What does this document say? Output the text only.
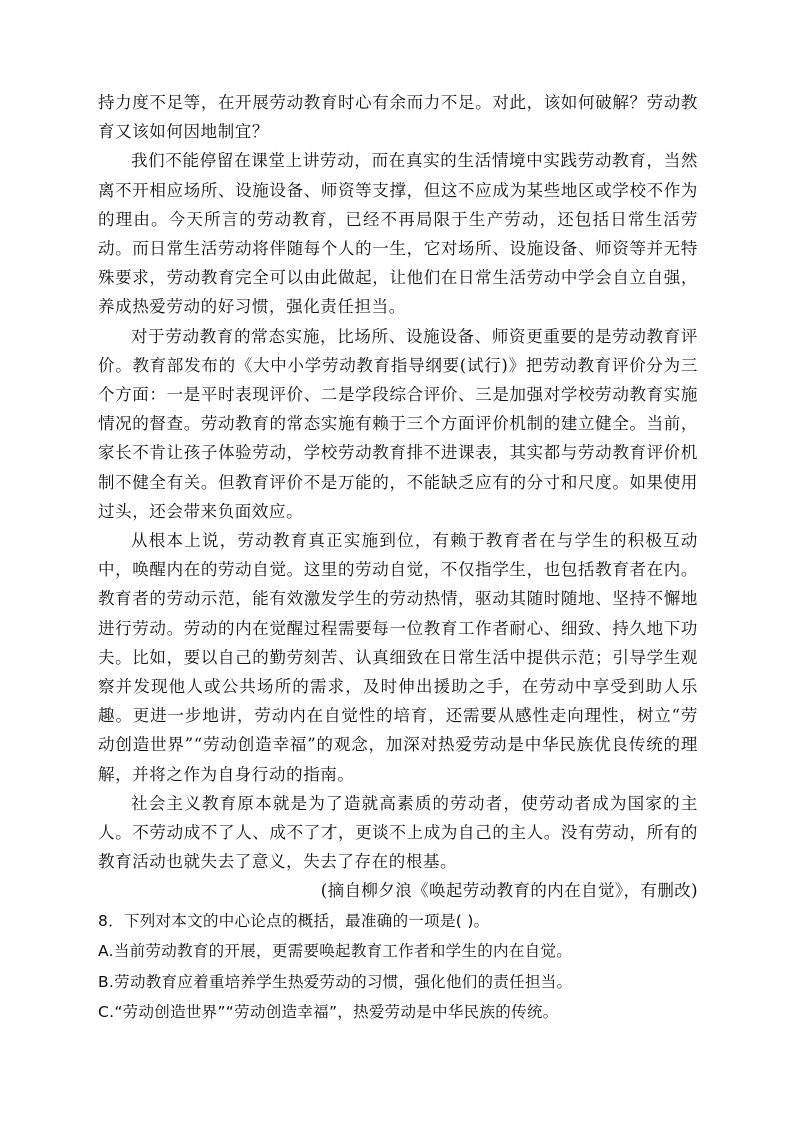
持力度不足等，在开展劳动教育时心有余而力不足。对此，该如何破解？劳动教育又该如何因地制宜？

我们不能停留在课堂上讲劳动，而在真实的生活情境中实践劳动教育，当然离不开相应场所、设施设备、师资等支撑，但这不应成为某些地区或学校不作为的理由。今天所言的劳动教育，已经不再局限于生产劳动，还包括日常生活劳动。而日常生活劳动将伴随每个人的一生，它对场所、设施设备、师资等并无特殊要求，劳动教育完全可以由此做起，让他们在日常生活劳动中学会自立自强，养成热爱劳动的好习惯，强化责任担当。

对于劳动教育的常态实施，比场所、设施设备、师资更重要的是劳动教育评价。教育部发布的《大中小学劳动教育指导纲要(试行)》把劳动教育评价分为三个方面：一是平时表现评价、二是学段综合评价、三是加强对学校劳动教育实施情况的督查。劳动教育的常态实施有赖于三个方面评价机制的建立健全。当前，家长不肯让孩子体验劳动，学校劳动教育排不进课表，其实都与劳动教育评价机制不健全有关。但教育评价不是万能的，不能缺乏应有的分寸和尺度。如果使用过头，还会带来负面效应。

从根本上说，劳动教育真正实施到位，有赖于教育者在与学生的积极互动中，唤醒内在的劳动自觉。这里的劳动自觉，不仅指学生，也包括教育者在内。教育者的劳动示范，能有效激发学生的劳动热情，驱动其随时随地、坚持不懈地进行劳动。劳动的内在觉醒过程需要每一位教育工作者耐心、细致、持久地下功夫。比如，要以自己的勤劳刻苦、认真细致在日常生活中提供示范；引导学生观察并发现他人或公共场所的需求，及时伸出援助之手，在劳动中享受到助人乐趣。更进一步地讲，劳动内在自觉性的培育，还需要从感性走向理性，树立“劳动创造世界”“劳动创造幸福”的观念，加深对热爱劳动是中华民族优良传统的理解，并将之作为自身行动的指南。

社会主义教育原本就是为了造就高素质的劳动者，使劳动者成为国家的主人。不劳动成不了人、成不了才，更谈不上成为自己的主人。没有劳动，所有的教育活动也就失去了意义，失去了存在的根基。

(摘自柳夕浪《唤起劳动教育的内在自觉》，有删改)

8．下列对本文的中心论点的概括，最准确的一项是( )。

A.当前劳动教育的开展，更需要唤起教育工作者和学生的内在自觉。

B.劳动教育应着重培养学生热爱劳动的习惯，强化他们的责任担当。

C.“劳动创造世界”“劳动创造幸福”，热爱劳动是中华民族的传统。
